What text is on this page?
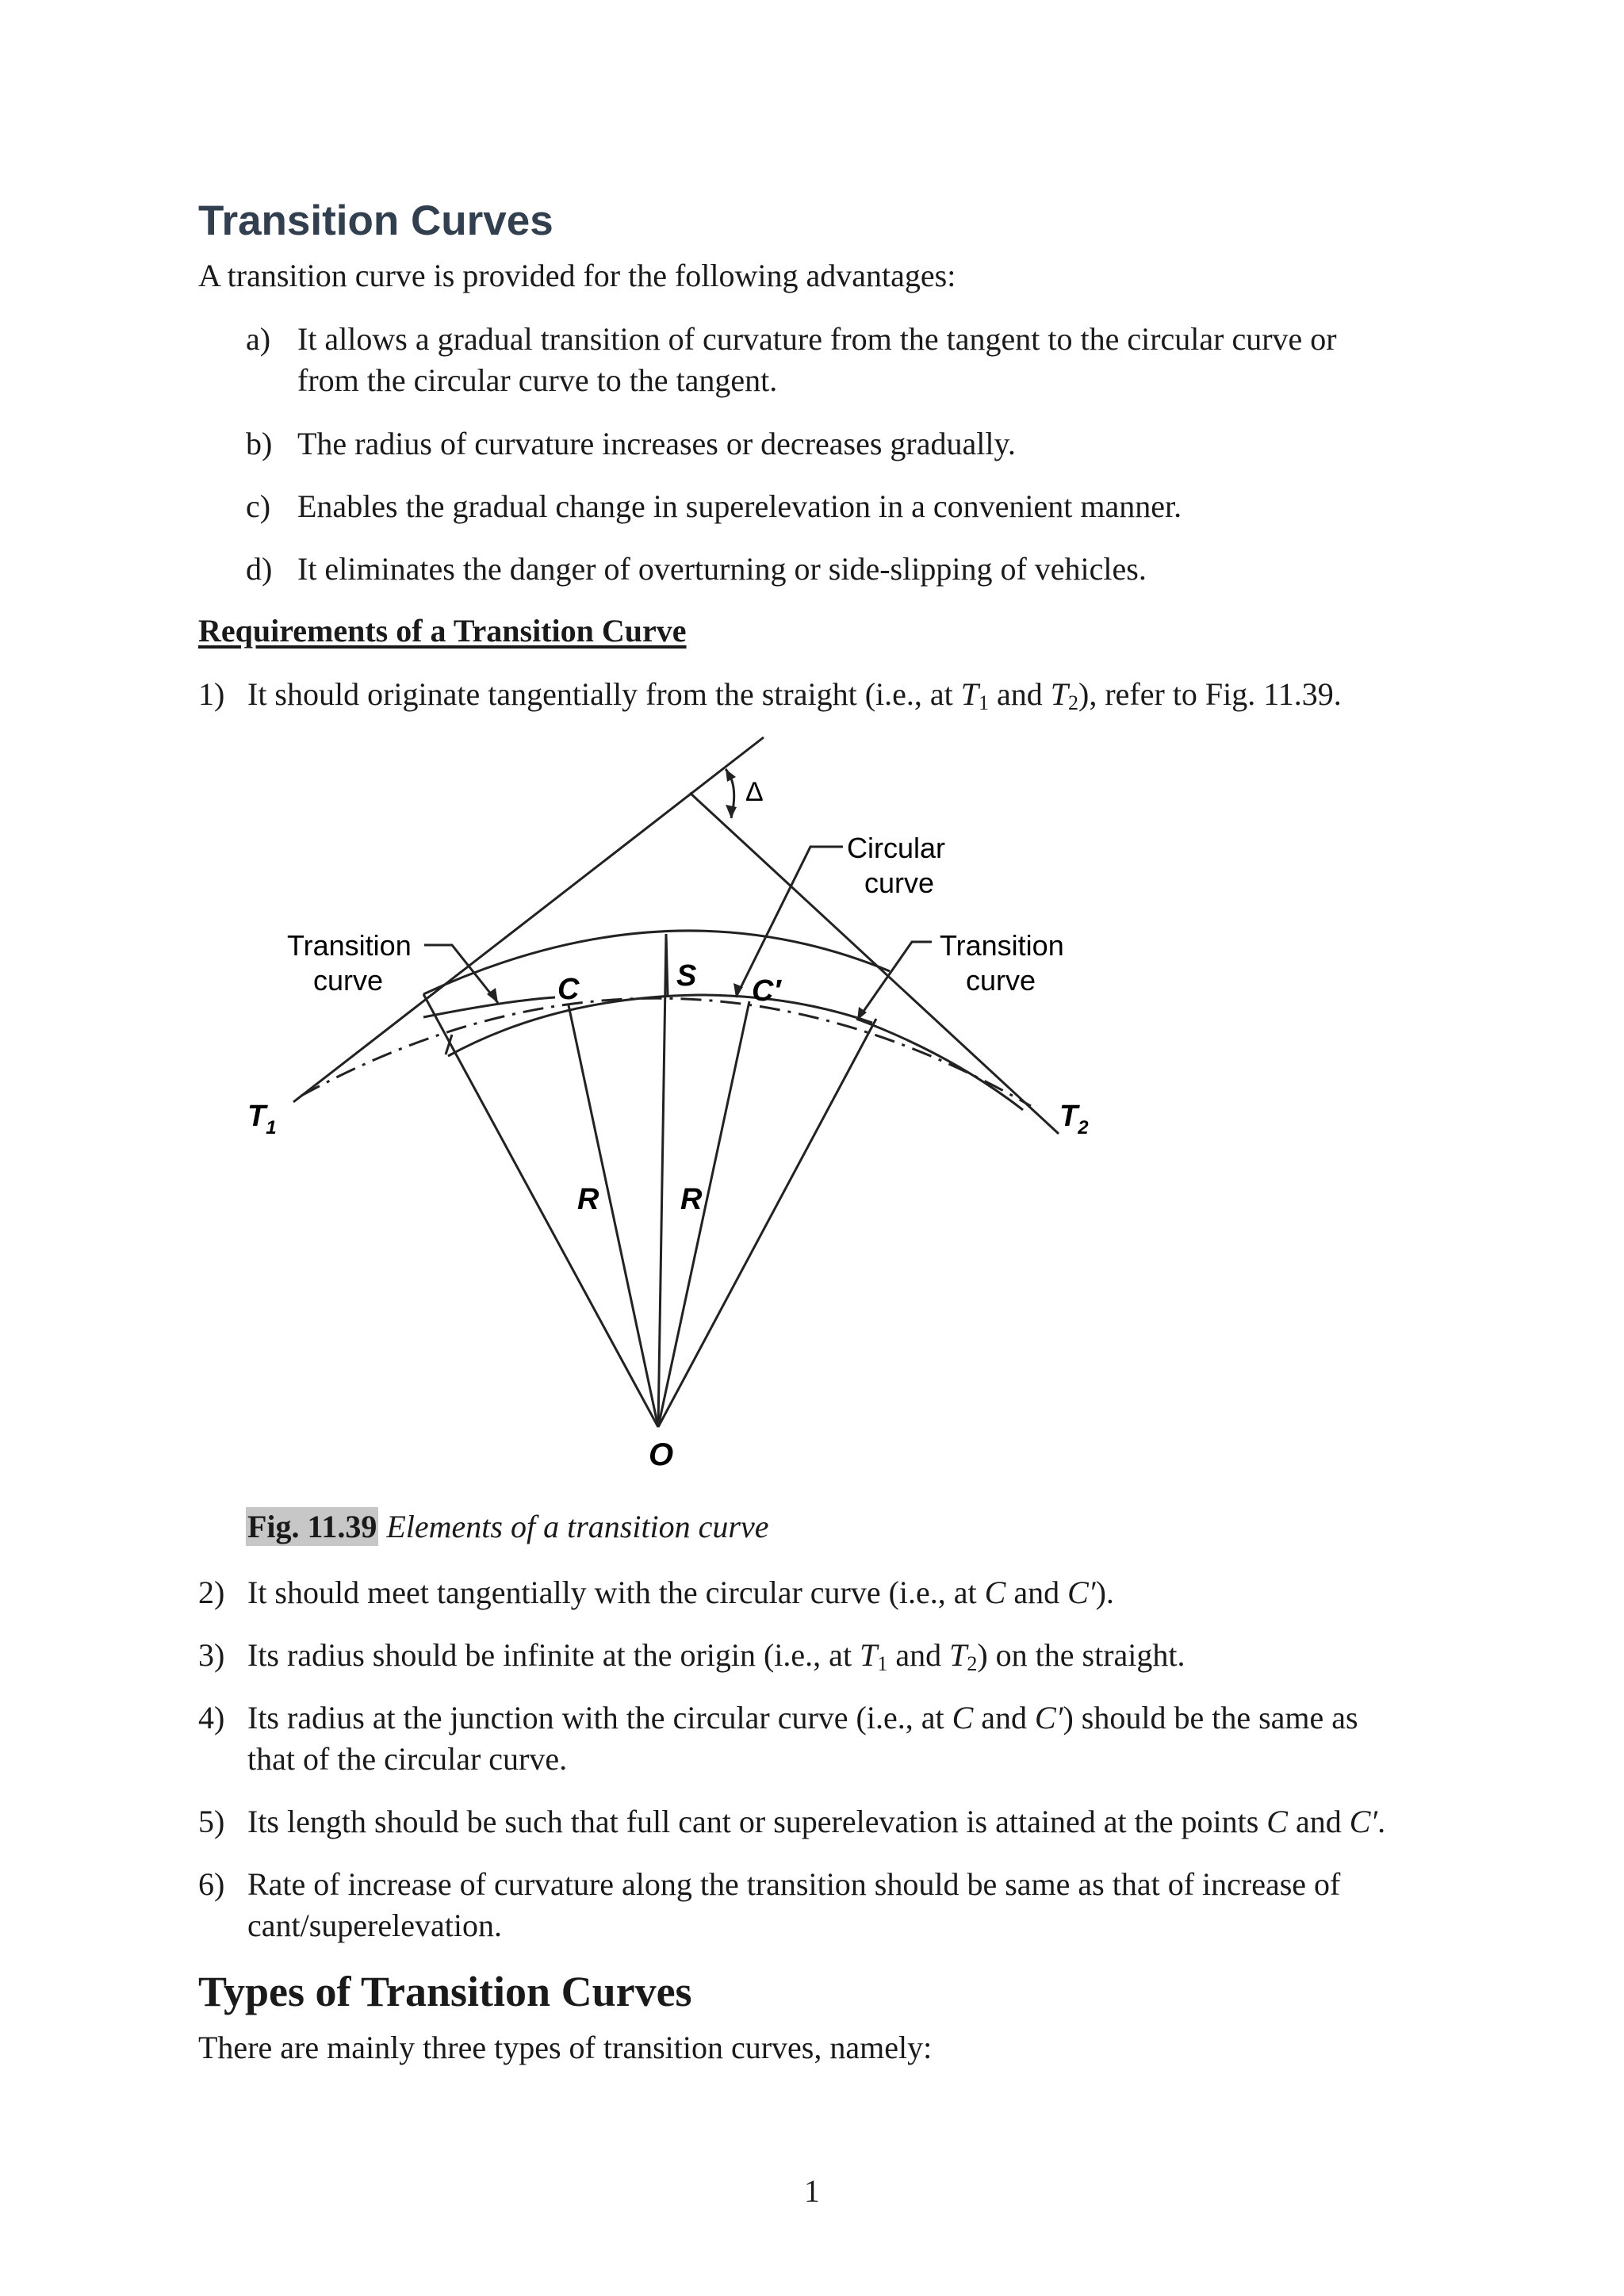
Transition Curves

A transition curve is provided for the following advantages:

a) It allows a gradual transition of curvature from the tangent to the circular curve or
from the circular curve to the tangent.
b) The radius of curvature increases or decreases gradually.
c) Enables the gradual change in superelevation in a convenient manner.
d) It eliminates the danger of overturning or side-slipping of vehicles.

Requirements of a Transition Curve

1) It should originate tangentially from the straight (i.e., at $T_1$ and $T_2$), refer to Fig. 11.39.
Δ
Circular
curve
Transition
curve
Transition
curve
C	S C′
$T_1$	$T_2$
R	R
O

Fig. 11.39 Elements of a transition curve

2) It should meet tangentially with the circular curve (i.e., at C and C′).
3) Its radius should be infinite at the origin (i.e., at $T_1$ and $T_2$) on the straight.
4) Its radius at the junction with the circular curve (i.e., at C and C′) should be the same as
that of the circular curve.
5) Its length should be such that full cant or superelevation is attained at the points C and C′.
6) Rate of increase of curvature along the transition should be same as that of increase of
cant/superelevation.
Types of Transition Curves

There are mainly three types of transition curves, namely:

1
